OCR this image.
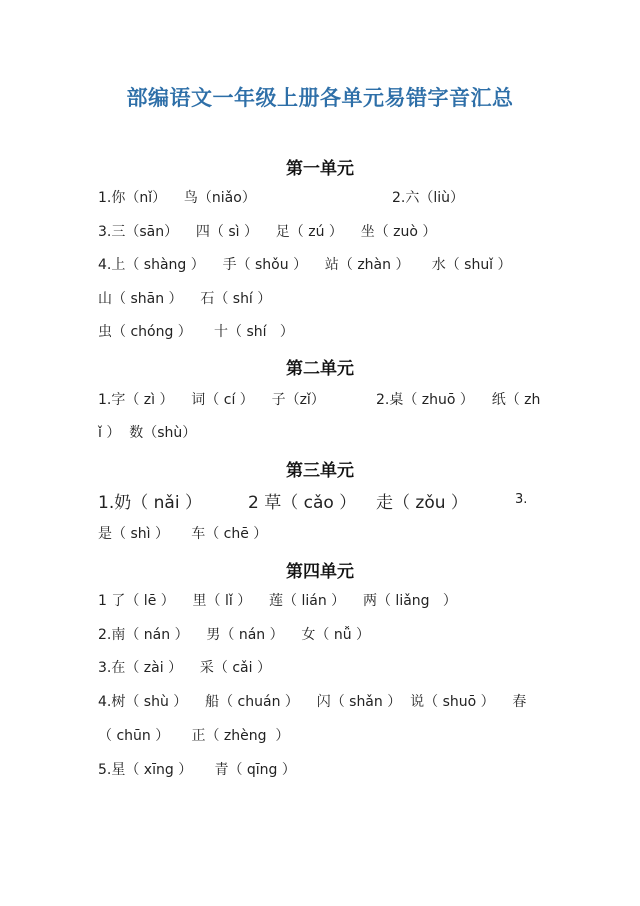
部编语文一年级上册各单元易错字音汇总
第一单元
1.你（nǐ）    鸟（niǎo）	2.六（liù）
3.三（sān）    四（ sì ）    足（ zú ）    坐（ zuò ）
4.上（ shàng ）    手（ shǒu ）    站（ zhàn ）     水（ shuǐ ）
山（ shān ）    石（ shí ）
虫（ chóng ）     十（ shí   ）
第二单元
1.字（ zì ）    词（ cí ）    子（zǐ）	2.桌（ zhuō ）    纸（ zh
ǐ ）  数（shù）
第三单元
1.奶（ nǎi ）	2 草（ cǎo ） 走（ zǒu ）	3.
是（ shì ）     车（ chē ）
第四单元
1 了（ lē ）    里（ lǐ ）    莲（ lián ）    两（ liǎng   ）
2.南（ nán ）    男（ nán ）    女（ nǚ ）
3.在（ zài ）    采（ cǎi ）
4.树（ shù ）    船（ chuán ）    闪（ shǎn ）  说（ shuō ）    春
（ chūn ）     正（ zhèng  ）
5.星（ xīng ）     青（ qīng ）
